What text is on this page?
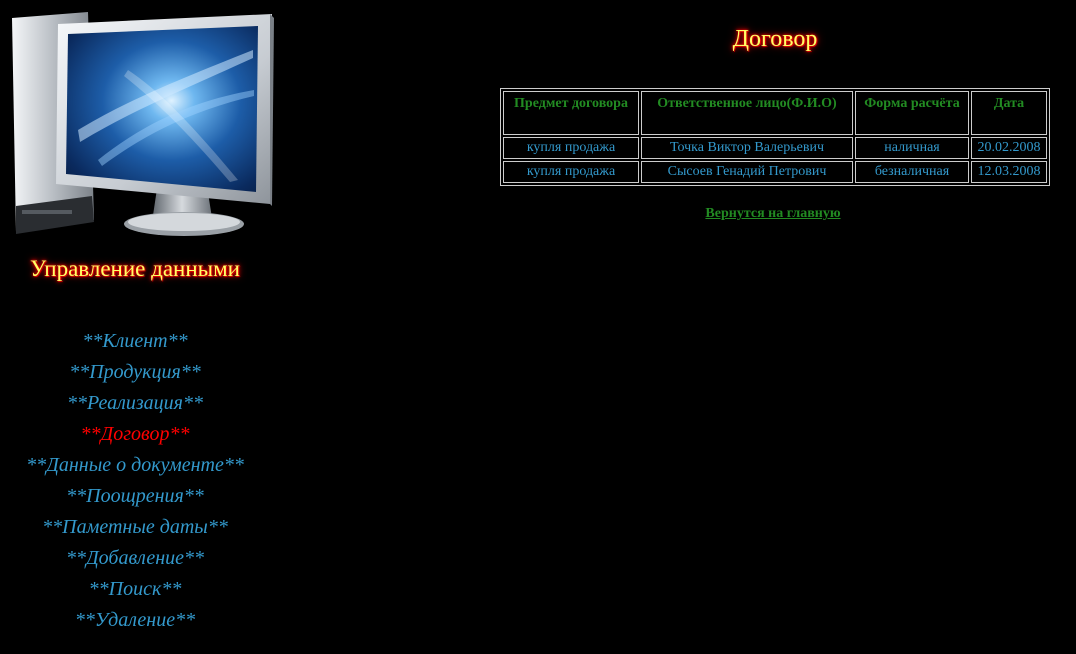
Управление данными
**Клиент**
**Продукция**
**Реализация**
**Договор**
**Данные о документе**
**Поощрения**
**Паметные даты**
**Добавление**
**Поиск**
**Удаление**
Договор
Предмет договора	Ответственное лицо(Ф.И.О)	Форма расчёта	Дата
купля продажа	Точка Виктор Валерьевич	наличная	20.02.2008
купля продажа	Сысоев Генадий Петрович	безналичная	12.03.2008
Вернутся на главную
